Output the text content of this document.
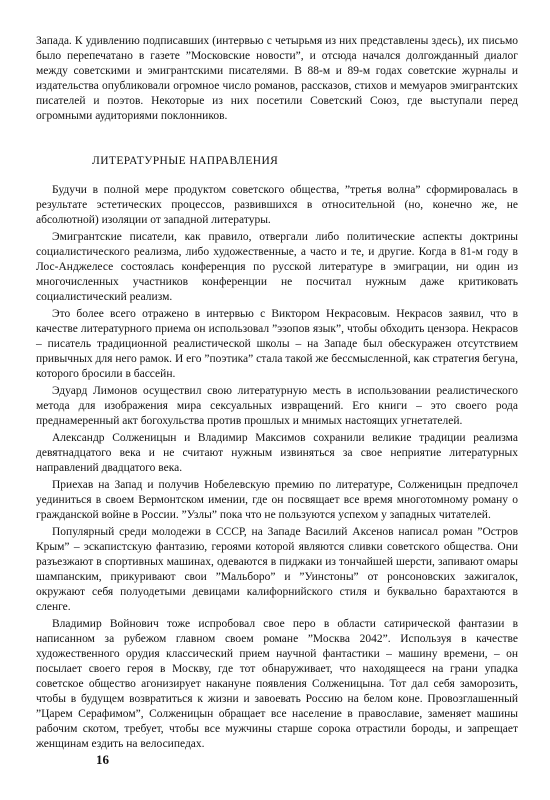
Запада. К удивлению подписавших (интервью с четырьмя из них представлены здесь), их письмо было перепечатано в газете ”Московские новости”, и отсюда начался долгожданный диалог между советскими и эмигрантскими писателями. В 88-м и 89-м годах советские журналы и издательства опубликовали огромное число романов, рассказов, стихов и мемуаров эмигрантских писателей и поэтов. Некоторые из них посетили Советский Союз, где выступали перед огромными аудиториями поклонников.

ЛИТЕРАТУРНЫЕ НАПРАВЛЕНИЯ

Будучи в полной мере продуктом советского общества, ”третья волна” сформировалась в результате эстетических процессов, развившихся в относительной (но, конечно же, не абсолютной) изоляции от западной литературы.

Эмигрантские писатели, как правило, отвергали либо политические аспекты доктрины социалистического реализма, либо художественные, а часто и те, и другие. Когда в 81-м году в Лос-Анджелесе состоялась конференция по русской литературе в эмиграции, ни один из многочисленных участников конференции не посчитал нужным даже критиковать социалистический реализм.

Это более всего отражено в интервью с Виктором Некрасовым. Некрасов заявил, что в качестве литературного приема он использовал ”эзопов язык”, чтобы обходить цензора. Некрасов – писатель традиционной реалистической школы – на Западе был обескуражен отсутствием привычных для него рамок. И его ”поэтика” стала такой же бессмысленной, как стратегия бегуна, которого бросили в бассейн.

Эдуард Лимонов осуществил свою литературную месть в использовании реалистического метода для изображения мира сексуальных извращений. Его книги – это своего рода преднамеренный акт богохульства против прошлых и мнимых настоящих угнетателей.

Александр Солженицын и Владимир Максимов сохранили великие традиции реализма девятнадцатого века и не считают нужным извиняться за свое неприятие литературных направлений двадцатого века.

Приехав на Запад и получив Нобелевскую премию по литературе, Солженицын предпочел уединиться в своем Вермонтском имении, где он посвящает все время многотомному роману о гражданской войне в России. ”Узлы” пока что не пользуются успехом у западных читателей.

Популярный среди молодежи в СССР, на Западе Василий Аксенов написал роман ”Остров Крым” – эскапистскую фантазию, героями которой являются сливки советского общества. Они разъезжают в спортивных машинах, одеваются в пиджаки из тончайшей шерсти, запивают омары шампанским, прикуривают свои ”Мальборо” и ”Уинстоны” от ронсоновских зажигалок, окружают себя полуодетыми девицами калифорнийского стиля и буквально барахтаются в сленге.

Владимир Войнович тоже испробовал свое перо в области сатирической фантазии в написанном за рубежом главном своем романе ”Москва 2042”. Используя в качестве художественного орудия классический прием научной фантастики – машину времени, – он посылает своего героя в Москву, где тот обнаруживает, что находящееся на грани упадка советское общество агонизирует накануне появления Солженицына. Тот дал себя заморозить, чтобы в будущем возвратиться к жизни и завоевать Россию на белом коне. Провозглашенный ”Царем Серафимом”, Солженицын обращает все население в православие, заменяет машины рабочим скотом, требует, чтобы все мужчины старше сорока отрастили бороды, и запрещает женщинам ездить на велосипедах.

16
